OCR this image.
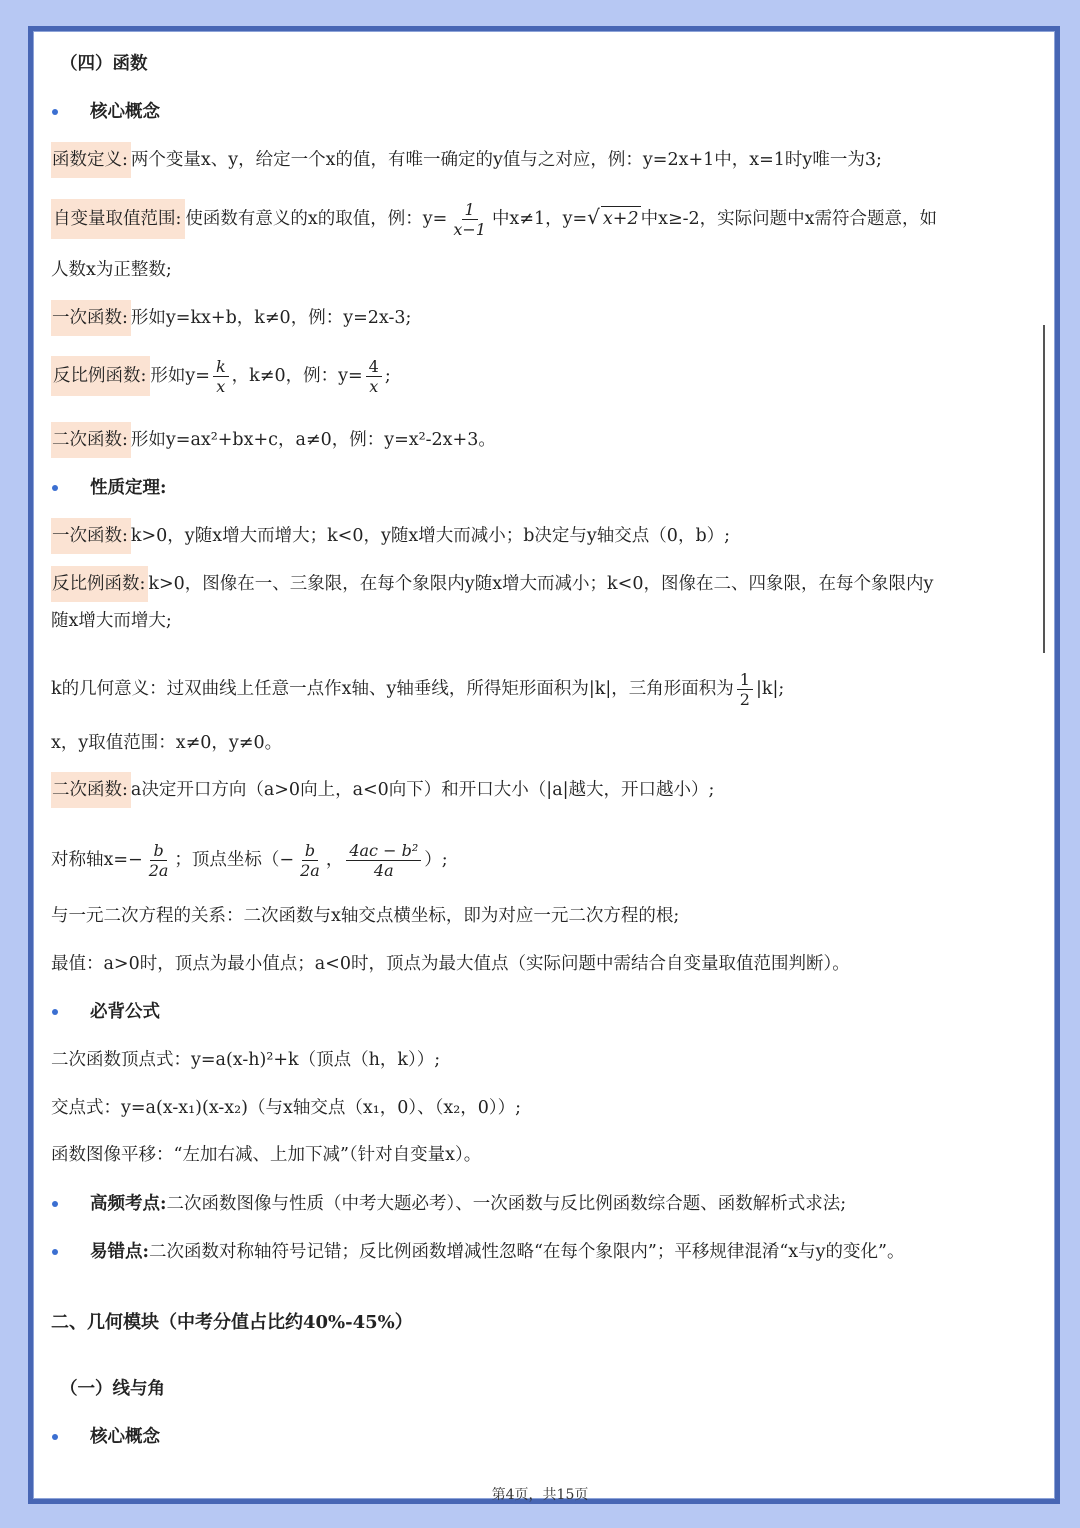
（四）函数
核心概念
函数定义: 两个变量x、y，给定一个x的值，有唯一确定的y值与之对应，例：y=2x+1中，x=1时y唯一为3;
自变量取值范围: 使函数有意义的x的取值，例：$y= \frac{1}{x-1}$ 中x≠1，y=√ x+2 中x≥-2，实际问题中x需符合题意，如
人数x为正整数;
一次函数: 形如y=kx+b，k≠0，例：y=2x-3;
反比例函数: 形如$y= \frac{k}{x}$ ，k≠0，例：$y= \frac{4}{x}$ ;
二次函数: 形如y=ax²+bx+c，a≠0，例：y=x²-2x+3。
性质定理:
一次函数: k>0，y随x增大而增大；k<0，y随x增大而减小；b决定与y轴交点（0，b）;
反比例函数: k>0，图像在一、三象限，在每个象限内y随x增大而减小；k<0，图像在二、四象限，在每个象限内y
随x增大而增大;
k的几何意义：过双曲线上任意一点作x轴、y轴垂线，所得矩形面积为|k|，三角形面积为 $\frac{1}{2} |k|$;
x，y取值范围：x≠0，y≠0。
二次函数: a决定开口方向（a>0向上，a<0向下）和开口大小（|a|越大，开口越小）;
对称轴$x=- \frac{b}{2a}$ ；顶点坐标（− $\frac{b}{2a}$ ， $\frac{\text{4ac − b²}}{4a}$ ）;
与一元二次方程的关系：二次函数与x轴交点横坐标，即为对应一元二次方程的根;
最值：a>0时，顶点为最小值点；a<0时，顶点为最大值点（实际问题中需结合自变量取值范围判断）。
必背公式
二次函数顶点式：y=a(x-h)²+k（顶点（h，k））;
交点式：y=a(x-x₁)(x-x₂)（与x轴交点（x₁，0）、（x₂，0））;
函数图像平移：“左加右减、上加下减”（针对自变量x）。
高频考点:二次函数图像与性质（中考大题必考）、一次函数与反比例函数综合题、函数解析式求法;
易错点:二次函数对称轴符号记错；反比例函数增减性忽略“在每个象限内”；平移规律混淆“x与y的变化”。
二、几何模块（中考分值占比约40%-45%）
（一）线与角
核心概念
第4页，共15页
